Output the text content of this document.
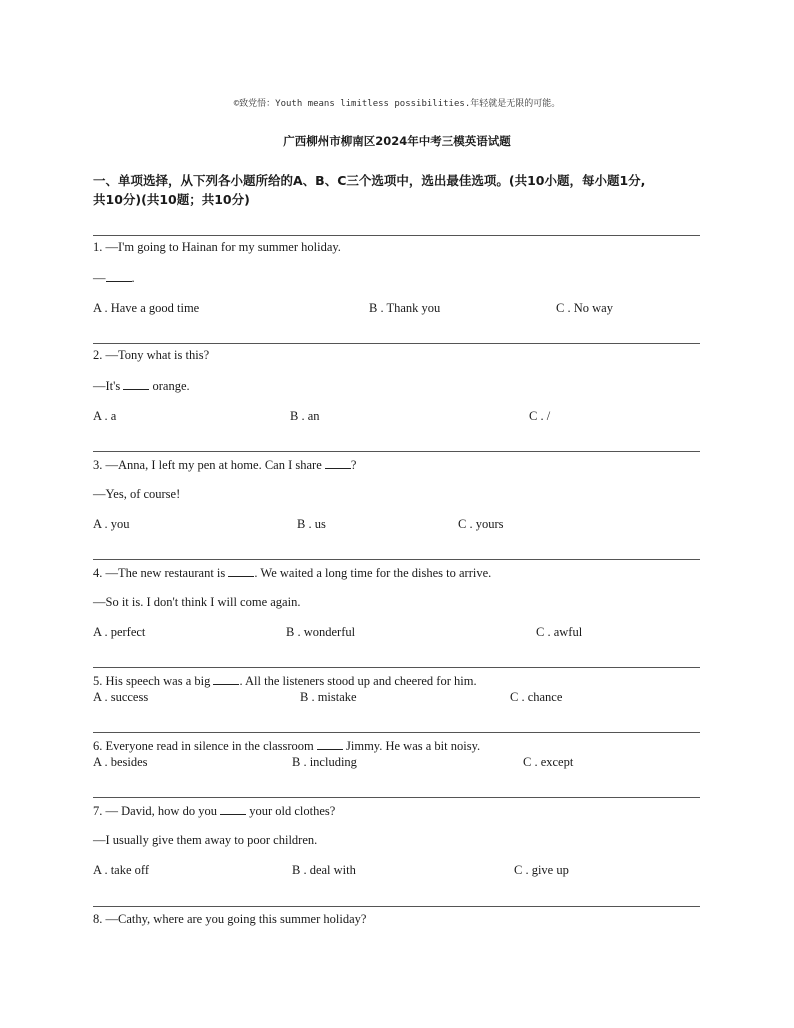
©致党悟：Youth means limitless possibilities.年轻就是无限的可能。
广西柳州市柳南区2024年中考三模英语试题
一、单项选择，从下列各小题所给的A、B、C三个选项中，选出最佳选项。(共10小题，每小题1分,
共10分)(共10题；共10分)
1. —I'm going to Hainan for my summer holiday.
— .
A . Have a good time	B . Thank you	C . No way
2. —Tony what is this?
—It's	orange.
A . a	B . an	C . /
3. —Anna, I left my pen at home. Can I share ?
—Yes, of course!
A . you	B . us	C . yours
4. —The new restaurant is . We waited a long time for the dishes to arrive.
—So it is. I don't think I will come again.
A . perfect	B . wonderful	C . awful
5. His speech was a big . All the listeners stood up and cheered for him.
A . success	B . mistake	C . chance
6. Everyone read in silence in the classroom	Jimmy. He was a bit noisy.
A . besides	B . including	C . except
7. — David, how do you	your old clothes?
—I usually give them away to poor children.
A . take off	B . deal with	C . give up
8. —Cathy, where are you going this summer holiday?
